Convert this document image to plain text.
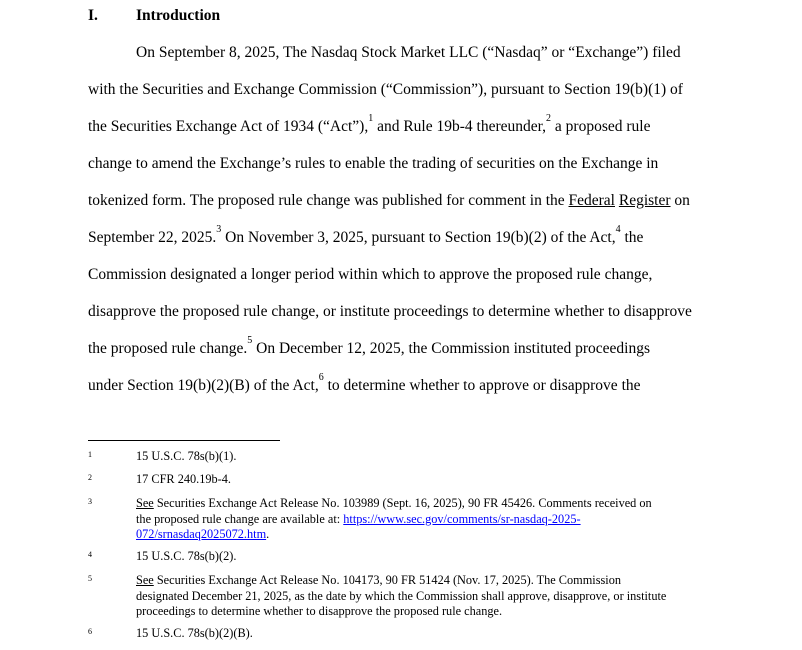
I. Introduction
On September 8, 2025, The Nasdaq Stock Market LLC (“Nasdaq” or “Exchange”) filed
with the Securities and Exchange Commission (“Commission”), pursuant to Section 19(b)(1) of
the Securities Exchange Act of 1934 (“Act”),$^1$ and Rule 19b-4 thereunder,$^2$ a proposed rule
change to amend the Exchange’s rules to enable the trading of securities on the Exchange in
tokenized form. The proposed rule change was published for comment in the Federal Register on
September 22, 2025.$^3$ On November 3, 2025, pursuant to Section 19(b)(2) of the Act,$^4$ the
Commission designated a longer period within which to approve the proposed rule change,
disapprove the proposed rule change, or institute proceedings to determine whether to disapprove
the proposed rule change.$^5$ On December 12, 2025, the Commission instituted proceedings
under Section 19(b)(2)(B) of the Act,$^6$ to determine whether to approve or disapprove the
1	15 U.S.C. 78s(b)(1).
2	17 CFR 240.19b-4.
3	See Securities Exchange Act Release No. 103989 (Sept. 16, 2025), 90 FR 45426. Comments received on
the proposed rule change are available at: https://www.sec.gov/comments/sr-nasdaq-2025-
072/srnasdaq2025072.htm.
4	15 U.S.C. 78s(b)(2).
5	See Securities Exchange Act Release No. 104173, 90 FR 51424 (Nov. 17, 2025). The Commission
designated December 21, 2025, as the date by which the Commission shall approve, disapprove, or institute
proceedings to determine whether to disapprove the proposed rule change.
6	15 U.S.C. 78s(b)(2)(B).
